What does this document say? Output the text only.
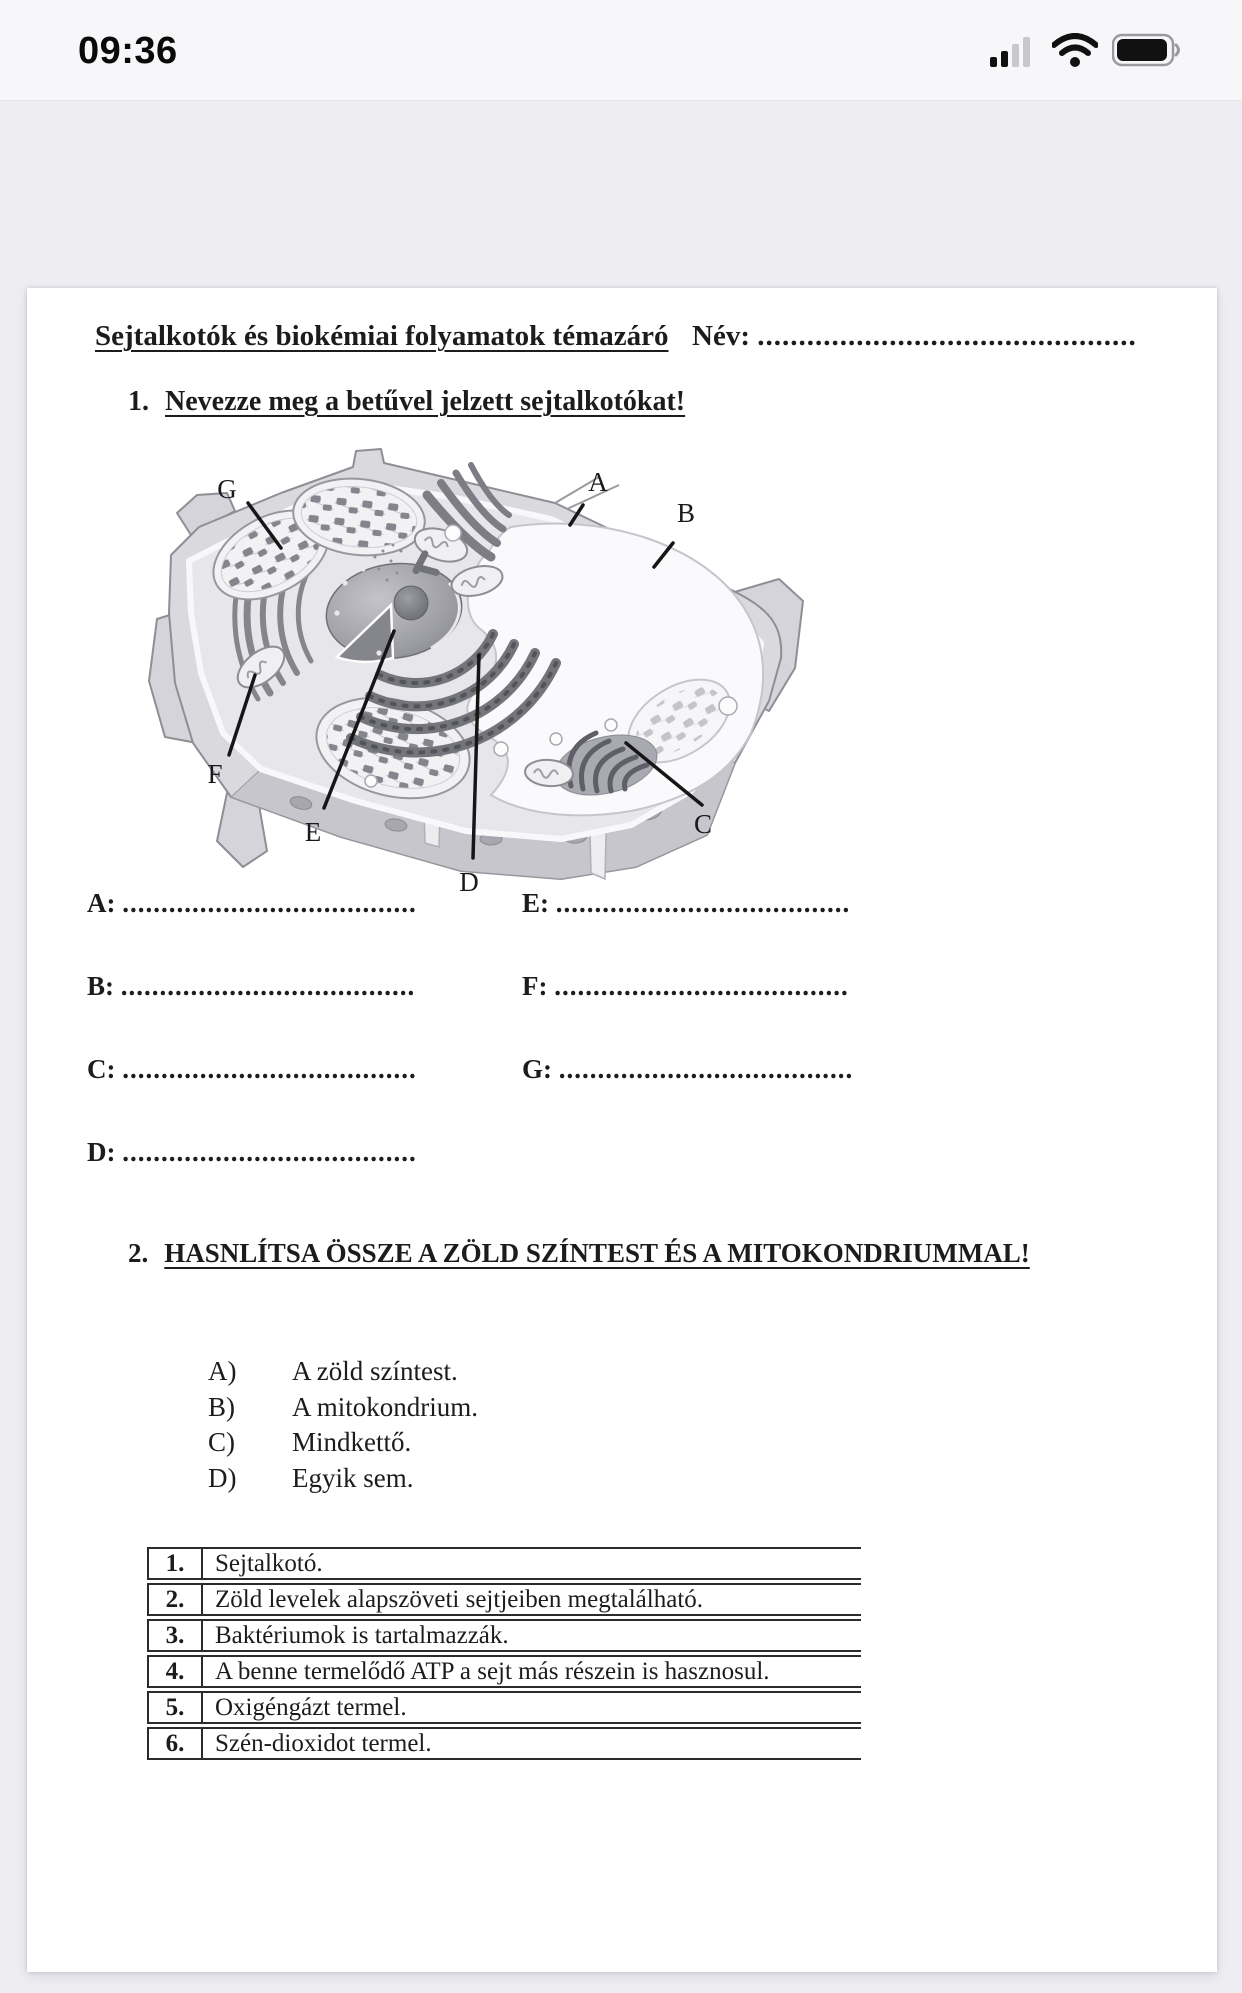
09:36
Sejtalkotók és biokémiai folyamatok témazáró Név: ..............................................
1. Nevezze meg a betűvel jelzett sejtalkotókat!
G	A
B
C
D
E
F
A: ......................................	E: ......................................
B: ......................................	F: ......................................
C: ......................................	G: ......................................
D: ......................................
2. HASNLÍTSA ÖSSZE A ZÖLD SZÍNTEST ÉS A MITOKONDRIUMMAL!
A) A zöld színtest.
B) A mitokondrium.
C) Mindkettő.
D) Egyik sem.
1.	Sejtalkotó.
2.	Zöld levelek alapszöveti sejtjeiben megtalálható.
3.	Baktériumok is tartalmazzák.
4.	A benne termelődő ATP a sejt más részein is hasznosul.
5.	Oxigéngázt termel.
6.	Szén-dioxidot termel.
